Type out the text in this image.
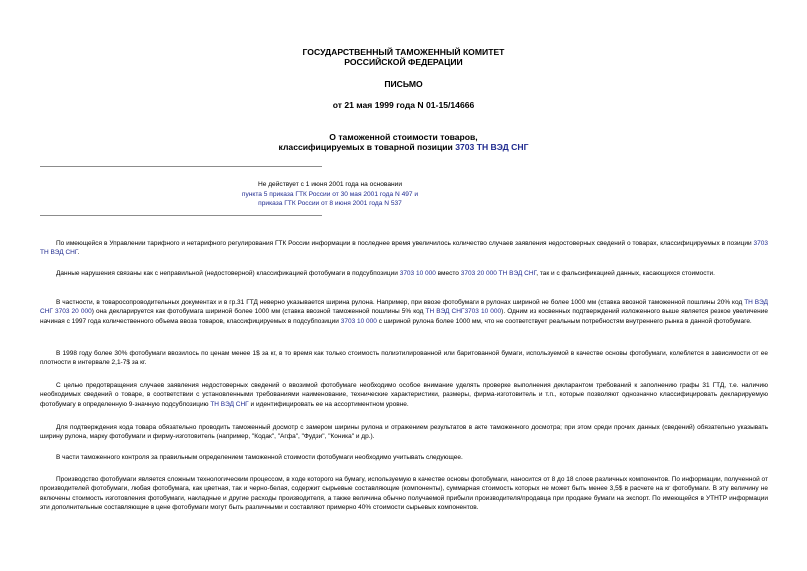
ГОСУДАРСТВЕННЫЙ ТАМОЖЕННЫЙ КОМИТЕТ
РОССИЙСКОЙ ФЕДЕРАЦИИ
ПИСЬМО
от 21 мая 1999 года N 01-15/14666
О таможенной стоимости товаров,
классифицируемых в товарной позиции 3703 ТН ВЭД СНГ
Не действует с 1 июня 2001 года на основании
пункта 5 приказа ГТК России от 30 мая 2001 года N 497 и
приказа ГТК России от 8 июня 2001 года N 537
По имеющейся в Управлении тарифного и нетарифного регулирования ГТК России информации в последнее время увеличилось количество случаев заявления недостоверных сведений о товарах, классифицируемых в позиции 3703 ТН ВЭД СНГ.
Данные нарушения связаны как с неправильной (недостоверной) классификацией фотобумаги в подсубпозиции 3703 10 000 вместо 3703 20 000 ТН ВЭД СНГ, так и с фальсификацией данных, касающихся стоимости.
В частности, в товаросопроводительных документах и в гр.31 ГТД неверно указывается ширина рулона. Например, при ввозе фотобумаги в рулонах шириной не более 1000 мм (ставка ввозной таможенной пошлины 20% код ТН ВЭД СНГ 3703 20 000) она декларируется как фотобумага шириной более 1000 мм (ставка ввозной таможенной пошлины 5% код ТН ВЭД СНГ3703 10 000). Одним из косвенных подтверждений изложенного выше является резкое увеличение начиная с 1997 года количественного объема ввоза товаров, классифицируемых в подсубпозиции 3703 10 000 с шириной рулона более 1000 мм, что не соответствует реальным потребностям внутреннего рынка в данной фотобумаге.
В 1998 году более 30% фотобумаги ввозилось по ценам менее 1$ за кг, в то время как только стоимость полиэтилированной или баритованной бумаги, используемой в качестве основы фотобумаги, колеблется в зависимости от ее плотности в интервале 2,1-7$ за кг.
С целью предотвращения случаев заявления недостоверных сведений о ввозимой фотобумаге необходимо особое внимание уделять проверке выполнения декларантом требований к заполнению графы 31 ГТД, т.е. наличию необходимых сведений о товаре, в соответствии с установленными требованиями наименование, технические характеристики, размеры, фирма-изготовитель и т.п., которые позволяют однозначно классифицировать декларируемую фотобумагу в определенную 9-значную подсубпозицию ТН ВЭД СНГ и идентифицировать ее на ассортиментном уровне.
Для подтверждения кода товара обязательно проводить таможенный досмотр с замером ширины рулона и отражением результатов в акте таможенного досмотра; при этом среди прочих данных (сведений) обязательно указывать ширину рулона, марку фотобумаги и фирму-изготовитель (например, "Кодак", "Агфа", "Фудзи", "Коника" и др.).
В части таможенного контроля за правильным определением таможенной стоимости фотобумаги необходимо учитывать следующее.
Производство фотобумаги является сложным технологическим процессом, в ходе которого на бумагу, используемую в качестве основы фотобумаги, наносится от 8 до 18 слоев различных компонентов. По информации, полученной от производителей фотобумаги, любая фотобумага, как цветная, так и черно-белая, содержит сырьевые составляющие (компоненты), суммарная стоимость которых не может быть менее 3,5$ в расчете на кг фотобумаги. В эту величину не включены стоимость изготовления фотобумаги, накладные и другие расходы производителя, а также величина обычно получаемой прибыли производителя/продавца при продаже бумаги на экспорт. По имеющейся в УТНТР информации эти дополнительные составляющие в цене фотобумаги могут быть различными и составляют примерно 40% стоимости сырьевых компонентов.
